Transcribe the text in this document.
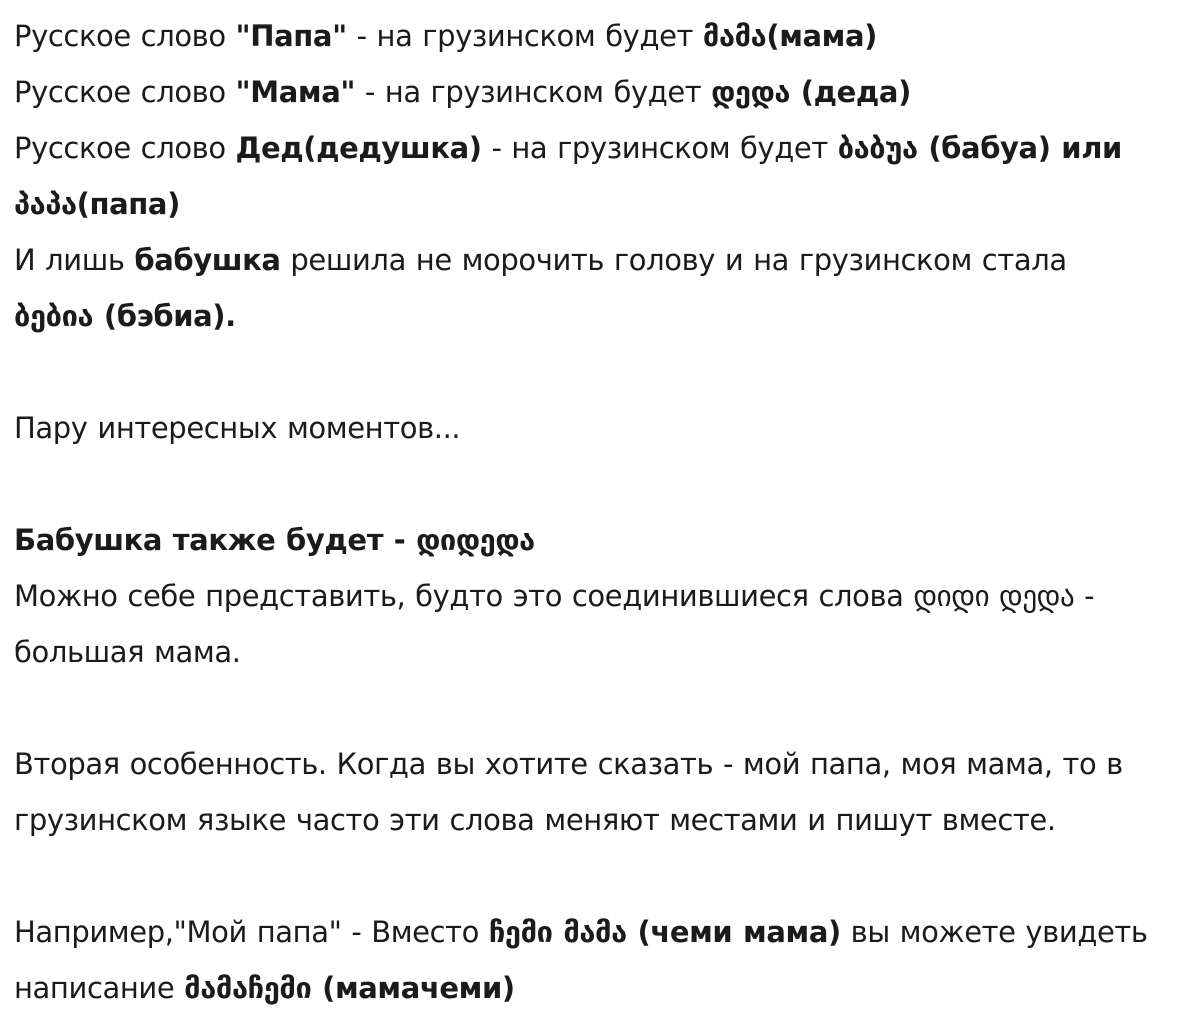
Русское слово "Папа" - на грузинском будет მამა(мама)
Русское слово "Мама" - на грузинском будет დედა (деда)
Русское слово Дед(дедушка) - на грузинском будет ბაბუა (бабуа) или
პაპა(папа)
И лишь бабушка решила не морочить голову и на грузинском стала ბებია (бэбиа).

Пару интересных моментов...

Бабушка также будет - დიდედა
Можно себе представить, будто это соединившиеся слова დიდი დედა - большая мама.

Вторая особенность. Когда вы хотите сказать - мой папа, моя мама, то в грузинском языке часто эти слова меняют местами и пишут вместе.

Например,"Мой папа" - Вместо ჩემი მამა (чеми мама) вы можете увидеть написание მამაჩემი (мамачеми)
